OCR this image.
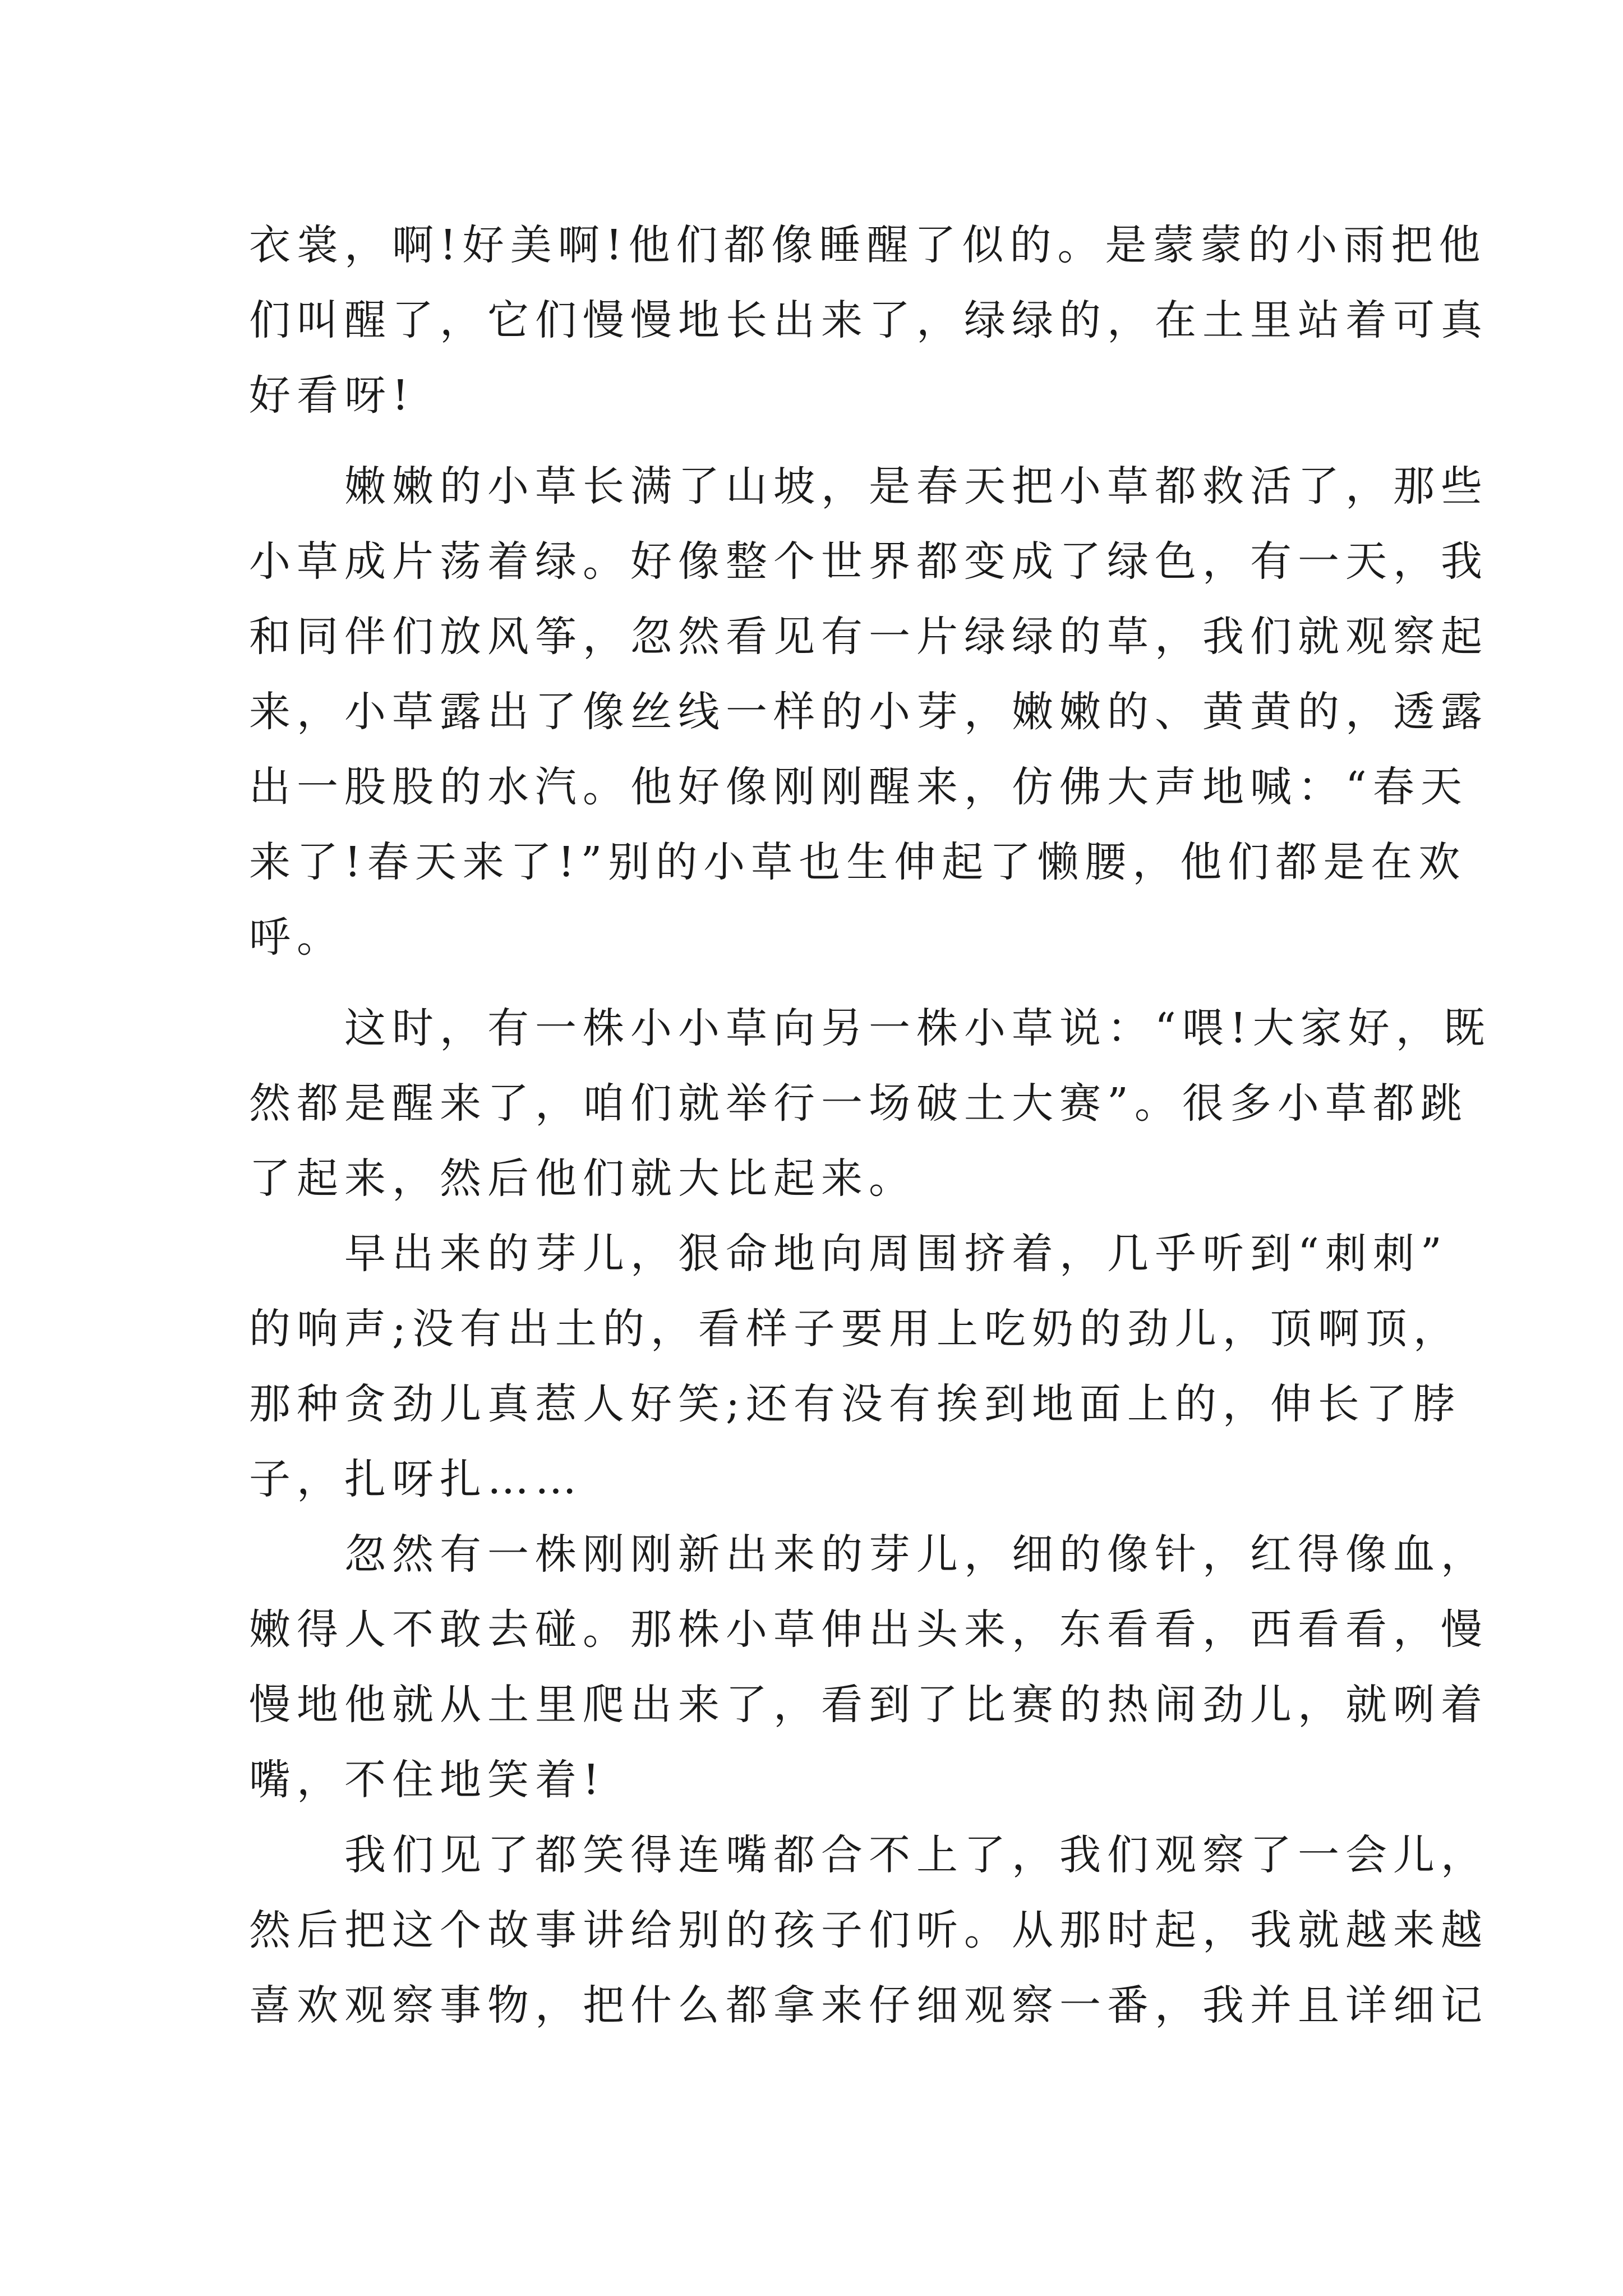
衣裳，啊!好美啊!他们都像睡醒了似的。是蒙蒙的小雨把他
们叫醒了，它们慢慢地长出来了，绿绿的，在土里站着可真
好看呀!
　　嫩嫩的小草长满了山坡，是春天把小草都救活了，那些
小草成片荡着绿。好像整个世界都变成了绿色，有一天，我
和同伴们放风筝，忽然看见有一片绿绿的草，我们就观察起
来，小草露出了像丝线一样的小芽，嫩嫩的、黄黄的，透露
出一股股的水汽。他好像刚刚醒来，仿佛大声地喊：“春天
来了!春天来了!”别的小草也生伸起了懒腰，他们都是在欢
呼。
　　这时，有一株小小草向另一株小草说：“喂!大家好，既
然都是醒来了，咱们就举行一场破土大赛”。很多小草都跳
了起来，然后他们就大比起来。
　　早出来的芽儿，狠命地向周围挤着，几乎听到“刺刺”
的响声;没有出土的，看样子要用上吃奶的劲儿，顶啊顶，
那种贪劲儿真惹人好笑;还有没有挨到地面上的，伸长了脖
子，扎呀扎……
　　忽然有一株刚刚新出来的芽儿，细的像针，红得像血，
嫩得人不敢去碰。那株小草伸出头来，东看看，西看看，慢
慢地他就从土里爬出来了，看到了比赛的热闹劲儿，就咧着
嘴，不住地笑着!
　　我们见了都笑得连嘴都合不上了，我们观察了一会儿，
然后把这个故事讲给别的孩子们听。从那时起，我就越来越
喜欢观察事物，把什么都拿来仔细观察一番，我并且详细记
